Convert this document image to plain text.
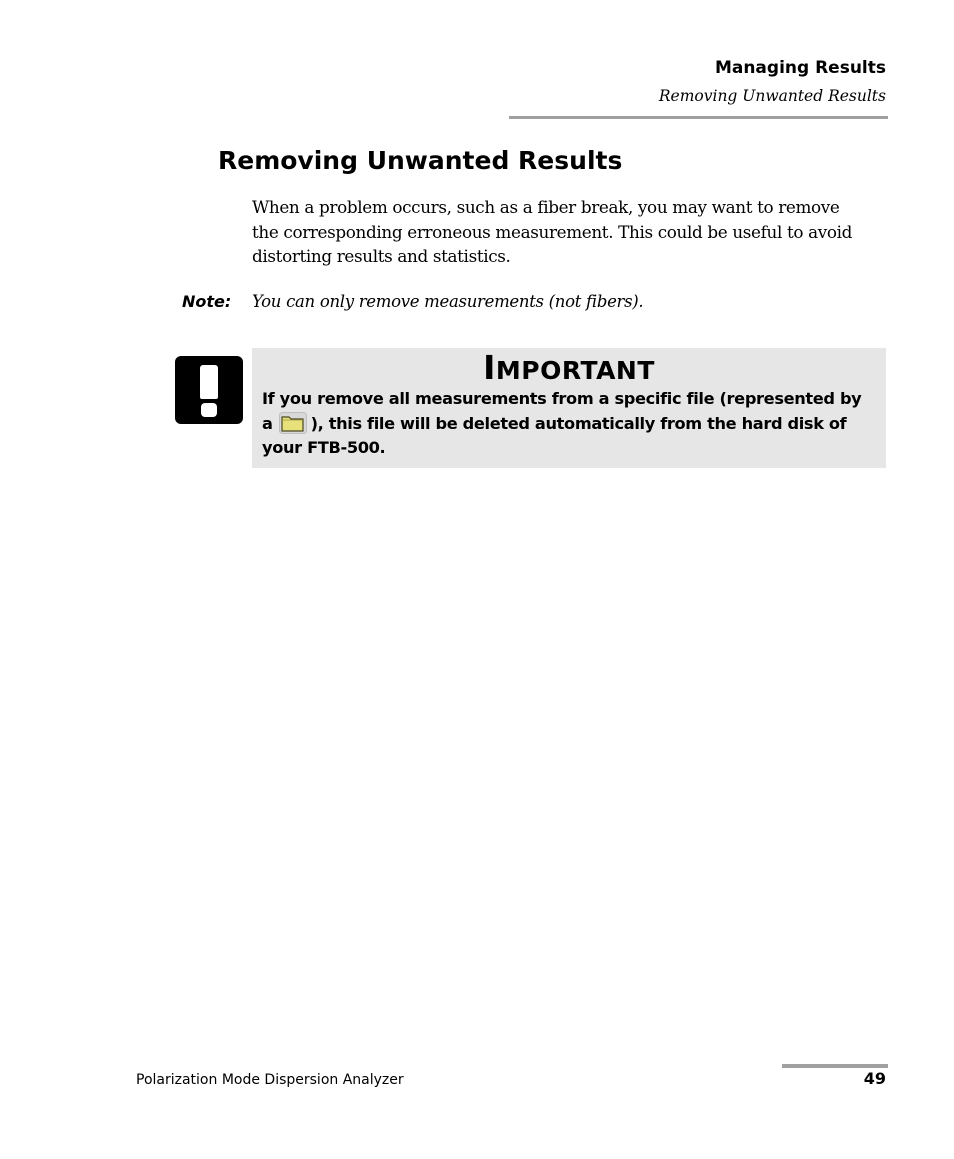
Managing Results
Removing Unwanted Results
Removing Unwanted Results

When a problem occurs, such as a fiber break, you may want to remove
the corresponding erroneous measurement. This could be useful to avoid
distorting results and statistics.

Note: You can only remove measurements (not fibers).
IMPORTANT

If you remove all measurements from a specific file (represented by
a ), this file will be deleted automatically from the hard disk of
your FTB-500.

Polarization Mode Dispersion Analyzer	49
